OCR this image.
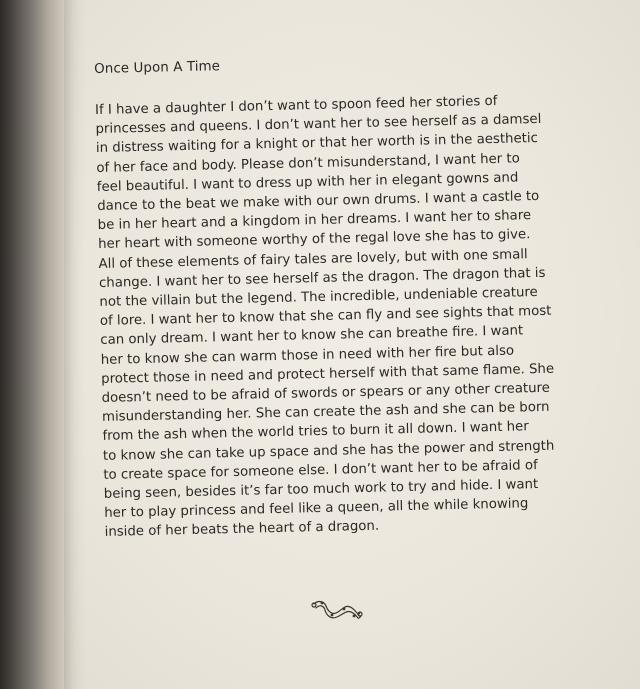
Once Upon A Time

If I have a daughter I don’t want to spoon feed her stories of
princesses and queens. I don’t want her to see herself as a damsel
in distress waiting for a knight or that her worth is in the aesthetic
of her face and body. Please don’t misunderstand, I want her to
feel beautiful. I want to dress up with her in elegant gowns and
dance to the beat we make with our own drums. I want a castle to
be in her heart and a kingdom in her dreams. I want her to share
her heart with someone worthy of the regal love she has to give.
All of these elements of fairy tales are lovely, but with one small
change. I want her to see herself as the dragon. The dragon that is
not the villain but the legend. The incredible, undeniable creature
of lore. I want her to know that she can fly and see sights that most
can only dream. I want her to know she can breathe fire. I want
her to know she can warm those in need with her fire but also
protect those in need and protect herself with that same flame. She
doesn’t need to be afraid of swords or spears or any other creature
misunderstanding her. She can create the ash and she can be born
from the ash when the world tries to burn it all down. I want her
to know she can take up space and she has the power and strength
to create space for someone else. I don’t want her to be afraid of
being seen, besides it’s far too much work to try and hide. I want
her to play princess and feel like a queen, all the while knowing
inside of her beats the heart of a dragon.
